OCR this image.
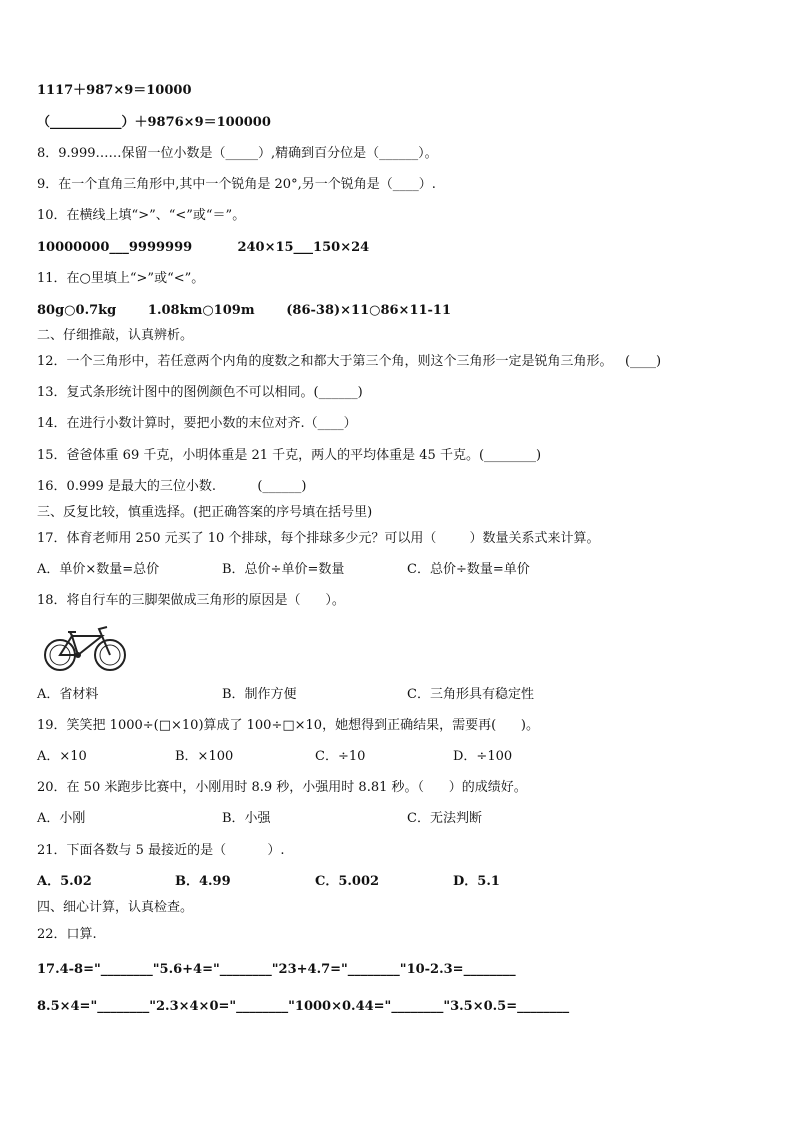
1117＋987×9＝10000
（___________）＋9876×9＝100000
8．9.999……保留一位小数是（_____）,精确到百分位是（______）。
9．在一个直角三角形中,其中一个锐角是 20°,另一个锐角是（____）.
10．在横线上填“>”、“<”或“＝”。
10000000___9999999          240×15___150×24
11．在○里填上“>”或“<”。
80g○0.7kg       1.08km○109m       (86-38)×11○86×11-11
二、仔细推敲，认真辨析。
12．一个三角形中，若任意两个内角的度数之和都大于第三个角，则这个三角形一定是锐角三角形。   (____)
13．复式条形统计图中的图例颜色不可以相同。(______)
14．在进行小数计算时，要把小数的末位对齐.（____）
15．爸爸体重 69 千克，小明体重是 21 千克，两人的平均体重是 45 千克。(________)
16．0.999 是最大的三位小数.          (______)
三、反复比较，慎重选择。(把正确答案的序号填在括号里)
17．体育老师用 250 元买了 10 个排球，每个排球多少元？可以用（        ）数量关系式来计算。
A．单价×数量=总价	B．总价÷单价=数量	C．总价÷数量=单价
18．将自行车的三脚架做成三角形的原因是（      ）。
A．省材料	B．制作方便	C．三角形具有稳定性
19．笑笑把 1000÷(□×10)算成了 100÷□×10，她想得到正确结果，需要再(      )。
A．×10	B．×100	C．÷10	D．÷100
20．在 50 米跑步比赛中，小刚用时 8.9 秒，小强用时 8.81 秒。（      ）的成绩好。
A．小刚	B．小强	C．无法判断
21．下面各数与 5 最接近的是（          ）.
A．5.02	B．4.99	C．5.002	D．5.1
四、细心计算，认真检查。
22．口算.
17.4-8="________"5.6+4="________"23+4.7="________"10-2.3=________
8.5×4="________"2.3×4×0="________"1000×0.44="________"3.5×0.5=________
